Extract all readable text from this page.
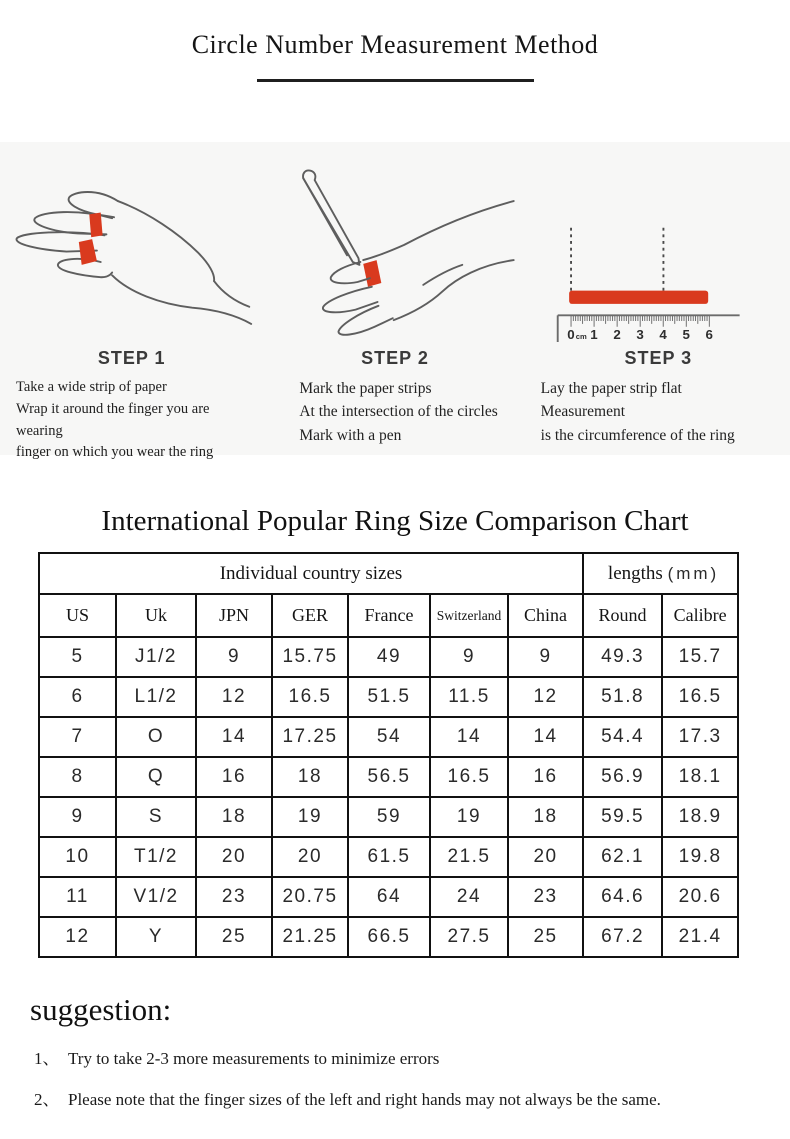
Circle Number Measurement Method
STEP 1
Take a wide strip of paper
Wrap it around the finger you are wearing
finger on which you wear the ring
STEP 2
Mark the paper strips
At the intersection of the circles
Mark with a pen
0 cm 1 2 3 4 5 6
STEP 3
Lay the paper strip flat
Measurement
is the circumference of the ring
International Popular Ring Size Comparison Chart
Individual country sizes							lengths (mm)	
US	Uk	JPN	GER	France	Switzerland	China	Round	Calibre
5	J1/2	9	15.75	49	9	9	49.3	15.7
6	L1/2	12	16.5	51.5	11.5	12	51.8	16.5
7	O	14	17.25	54	14	14	54.4	17.3
8	Q	16	18	56.5	16.5	16	56.9	18.1
9	S	18	19	59	19	18	59.5	18.9
10	T1/2	20	20	61.5	21.5	20	62.1	19.8
11	V1/2	23	20.75	64	24	23	64.6	20.6
12	Y	25	21.25	66.5	27.5	25	67.2	21.4
suggestion:
1、 Try to take 2-3 more measurements to minimize errors
2、 Please note that the finger sizes of the left and right hands may not always be the same.
